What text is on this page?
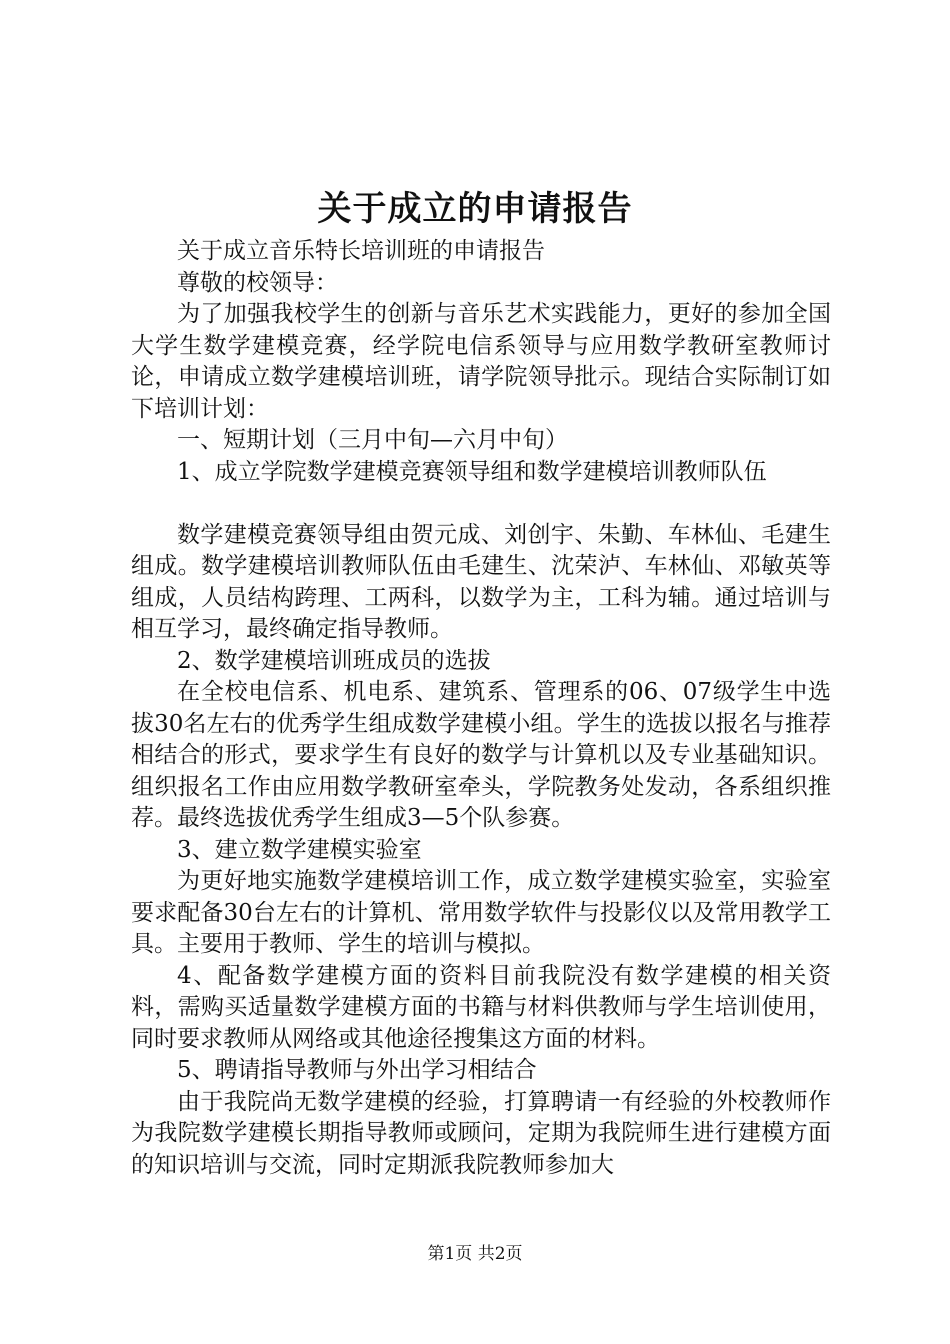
关于成立的申请报告

关于成立音乐特长培训班的申请报告

尊敬的校领导：

为了加强我校学生的创新与音乐艺术实践能力，更好的参加全国大学生数学建模竞赛，经学院电信系领导与应用数学教研室教师讨论，申请成立数学建模培训班，请学院领导批示。现结合实际制订如下培训计划：

一、短期计划（三月中旬—六月中旬）

1、成立学院数学建模竞赛领导组和数学建模培训教师队伍

数学建模竞赛领导组由贺元成、刘创宇、朱勤、车林仙、毛建生组成。数学建模培训教师队伍由毛建生、沈荣泸、车林仙、邓敏英等组成，人员结构跨理、工两科，以数学为主，工科为辅。通过培训与相互学习，最终确定指导教师。

2、数学建模培训班成员的选拔

在全校电信系、机电系、建筑系、管理系的06、07级学生中选拔30名左右的优秀学生组成数学建模小组。学生的选拔以报名与推荐相结合的形式，要求学生有良好的数学与计算机以及专业基础知识。组织报名工作由应用数学教研室牵头，学院教务处发动，各系组织推荐。最终选拔优秀学生组成3—5个队参赛。

3、建立数学建模实验室

为更好地实施数学建模培训工作，成立数学建模实验室，实验室要求配备30台左右的计算机、常用数学软件与投影仪以及常用教学工具。主要用于教师、学生的培训与模拟。

4、配备数学建模方面的资料目前我院没有数学建模的相关资料，需购买适量数学建模方面的书籍与材料供教师与学生培训使用，同时要求教师从网络或其他途径搜集这方面的材料。

5、聘请指导教师与外出学习相结合

由于我院尚无数学建模的经验，打算聘请一有经验的外校教师作为我院数学建模长期指导教师或顾问，定期为我院师生进行建模方面的知识培训与交流，同时定期派我院教师参加大

第1页 共2页
